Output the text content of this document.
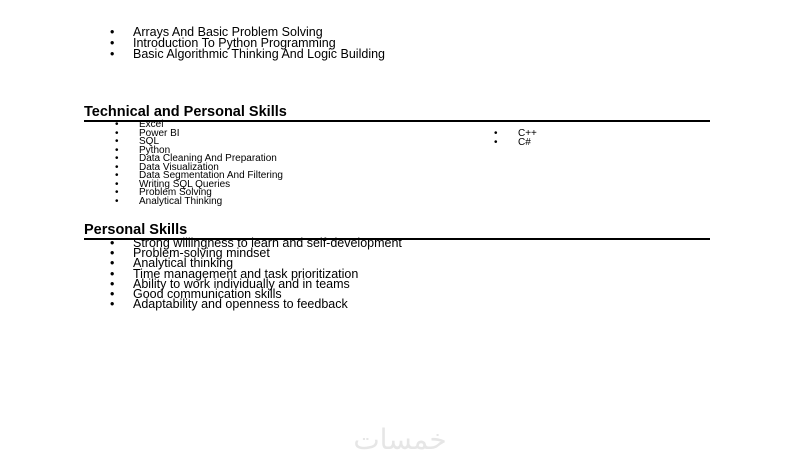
• Arrays And Basic Problem Solving
• Introduction To Python Programming
• Basic Algorithmic Thinking And Logic Building
Technical and Personal Skills
• Excel
• Power BI
• SQL
• Python
• Data Cleaning And Preparation
• Data Visualization
• Data Segmentation And Filtering
• Writing SQL Queries
• Problem Solving
• Analytical Thinking
• C++
• C#
Personal Skills
• Strong willingness to learn and self-development
• Problem-solving mindset
• Analytical thinking
• Time management and task prioritization
• Ability to work individually and in teams
• Good communication skills
• Adaptability and openness to feedback
خمسات
